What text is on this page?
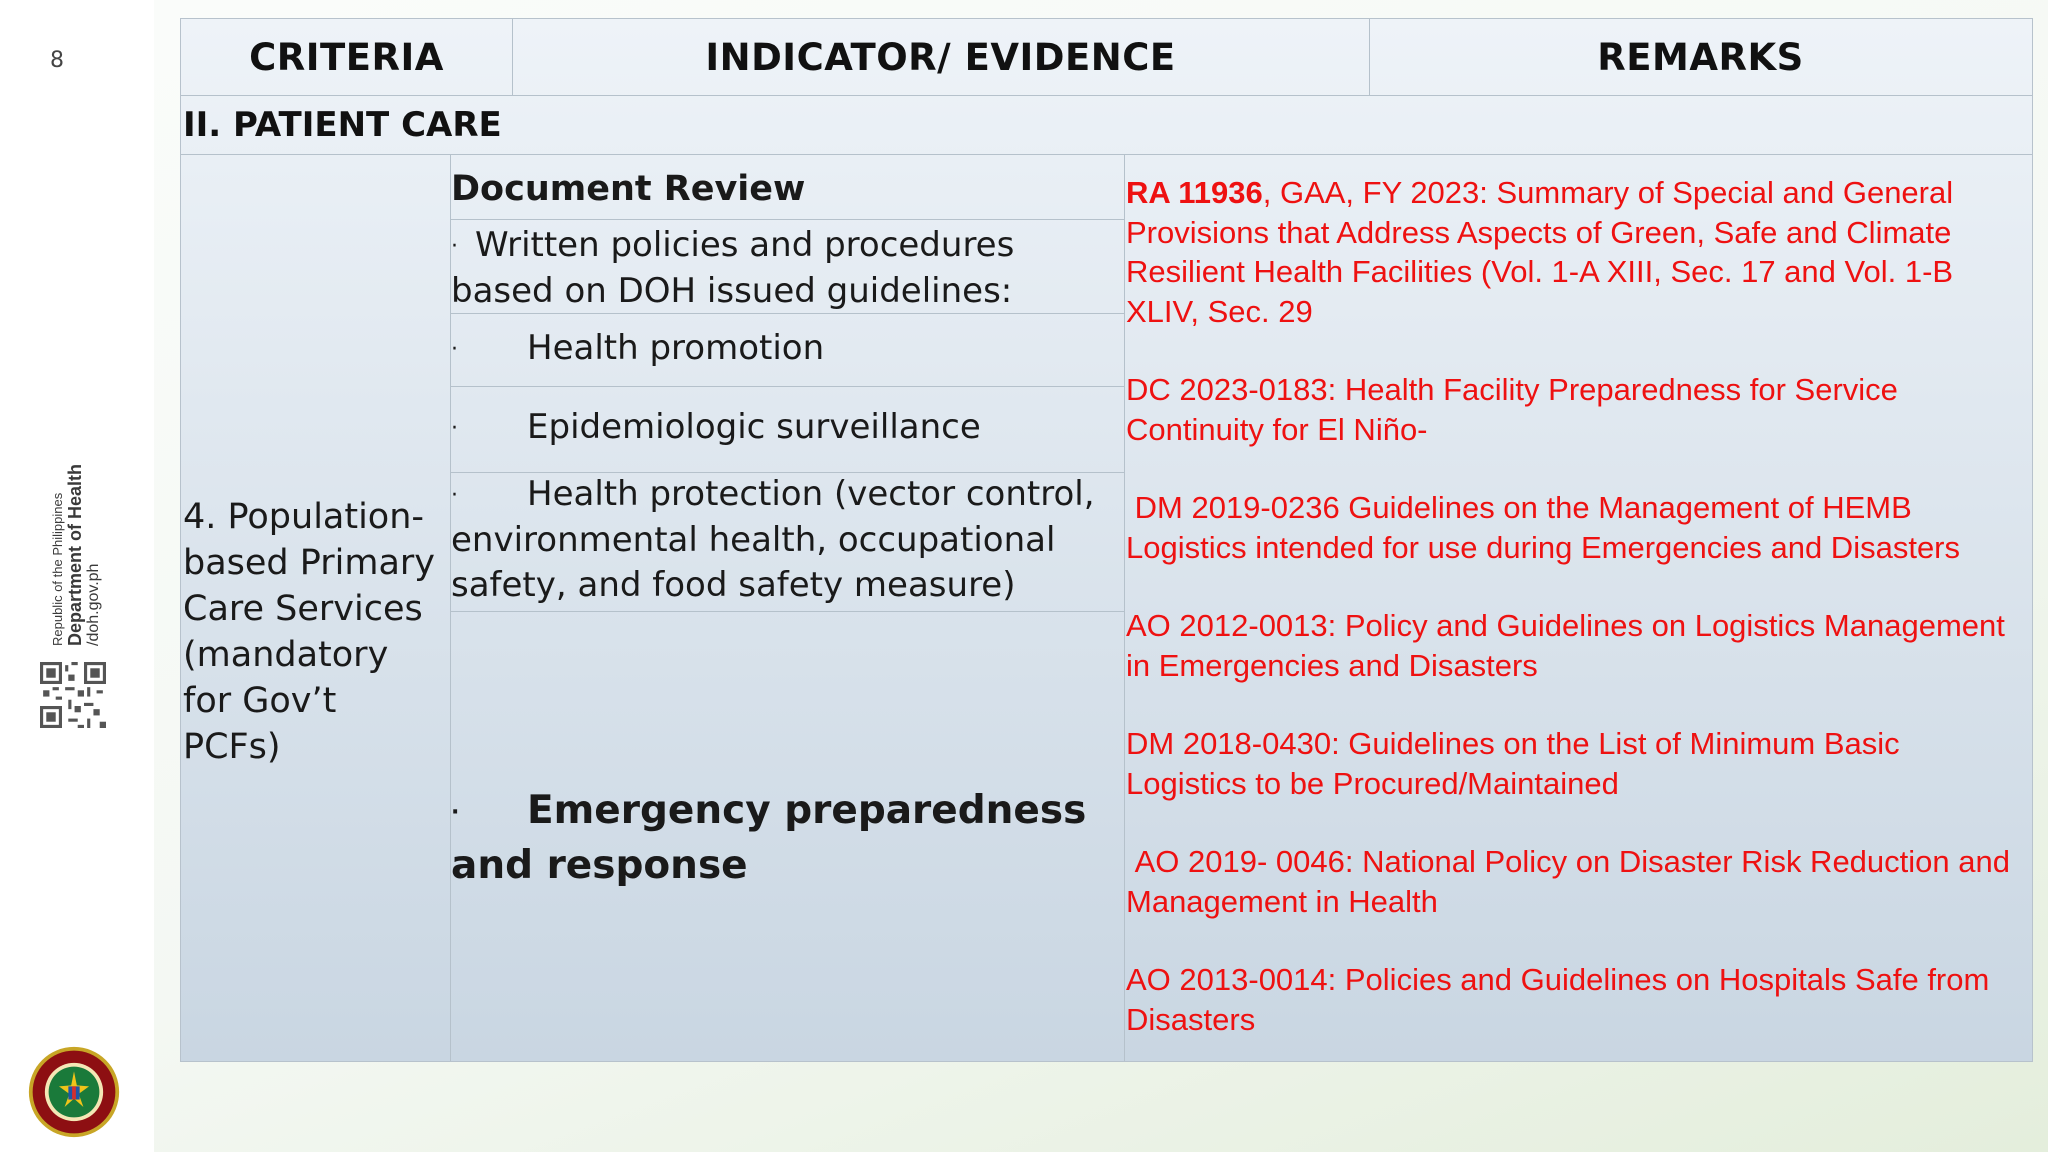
8
Republic of the Philippines Department of Health /doh.gov.ph
CRITERIA	INDICATOR/ EVIDENCE	REMARKS
II. PATIENT CARE
4. Population-based Primary Care Services (mandatory for Gov’t PCFs)
Document Review
· Written policies and procedures based on DOH issued guidelines:
· Health promotion
· Epidemiologic surveillance
· Health protection (vector control, environmental health, occupational safety, and food safety measure)
· Emergency preparedness and response

RA 11936, GAA, FY 2023: Summary of Special and General Provisions that Address Aspects of Green, Safe and Climate Resilient Health Facilities (Vol. 1-A XIII, Sec. 17 and Vol. 1-B XLIV, Sec. 29

DC 2023-0183: Health Facility Preparedness for Service Continuity for El Niño-

DM 2019-0236 Guidelines on the Management of HEMB Logistics intended for use during Emergencies and Disasters

AO 2012-0013: Policy and Guidelines on Logistics Management in Emergencies and Disasters

DM 2018-0430: Guidelines on the List of Minimum Basic Logistics to be Procured/Maintained

AO 2019- 0046: National Policy on Disaster Risk Reduction and Management in Health

AO 2013-0014: Policies and Guidelines on Hospitals Safe from Disasters
